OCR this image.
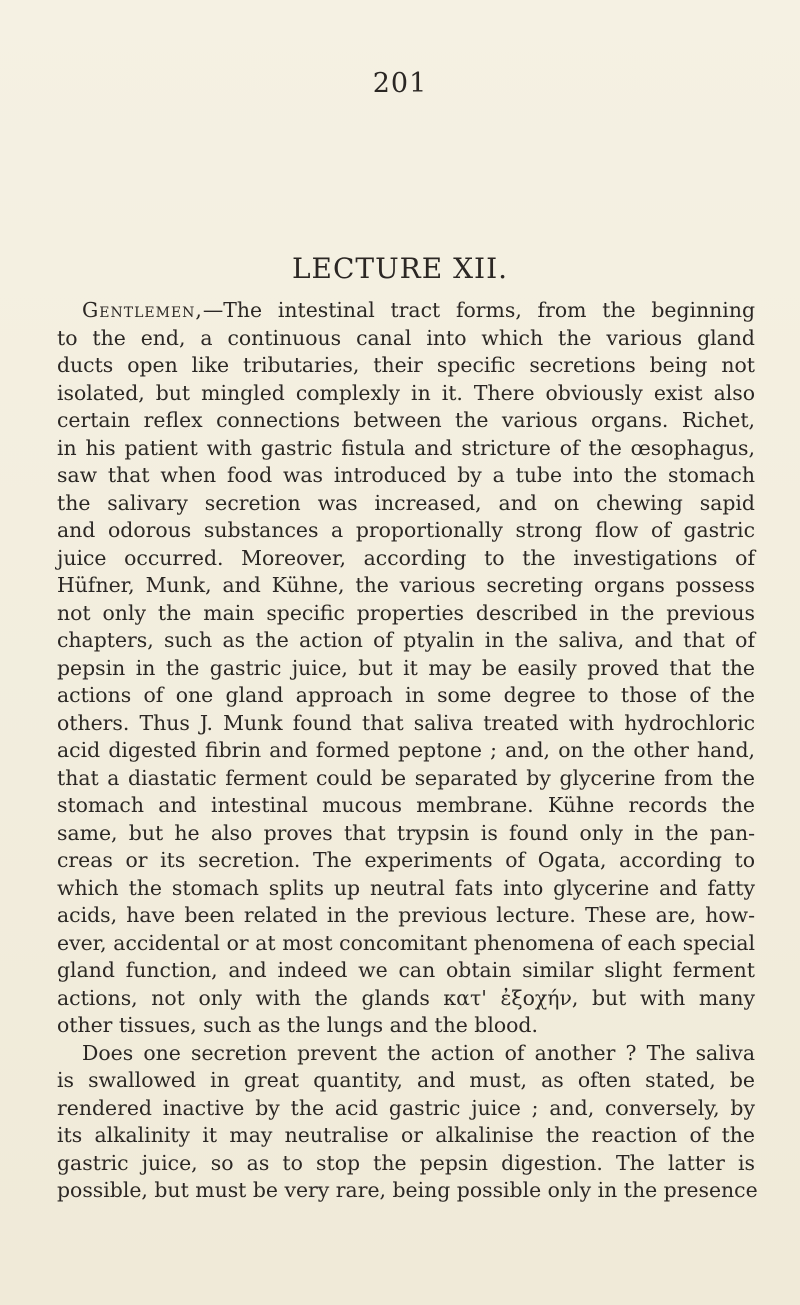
201
LECTURE XII.
Gentlemen,—The intestinal tract forms, from the beginning
to the end, a continuous canal into which the various gland
ducts open like tributaries, their specific secretions being not
isolated, but mingled complexly in it. There obviously exist also
certain reflex connections between the various organs. Richet,
in his patient with gastric fistula and stricture of the œsophagus,
saw that when food was introduced by a tube into the stomach
the salivary secretion was increased, and on chewing sapid
and odorous substances a proportionally strong flow of gastric
juice occurred. Moreover, according to the investigations of
Hüfner, Munk, and Kühne, the various secreting organs possess
not only the main specific properties described in the previous
chapters, such as the action of ptyalin in the saliva, and that of
pepsin in the gastric juice, but it may be easily proved that the
actions of one gland approach in some degree to those of the
others. Thus J. Munk found that saliva treated with hydrochloric
acid digested fibrin and formed peptone ; and, on the other hand,
that a diastatic ferment could be separated by glycerine from the
stomach and intestinal mucous membrane. Kühne records the
same, but he also proves that trypsin is found only in the pan-
creas or its secretion. The experiments of Ogata, according to
which the stomach splits up neutral fats into glycerine and fatty
acids, have been related in the previous lecture. These are, how-
ever, accidental or at most concomitant phenomena of each special
gland function, and indeed we can obtain similar slight ferment
actions, not only with the glands κατ' ἐξοχήν, but with many
other tissues, such as the lungs and the blood.
Does one secretion prevent the action of another ? The saliva
is swallowed in great quantity, and must, as often stated, be
rendered inactive by the acid gastric juice ; and, conversely, by
its alkalinity it may neutralise or alkalinise the reaction of the
gastric juice, so as to stop the pepsin digestion. The latter is
possible, but must be very rare, being possible only in the presence
